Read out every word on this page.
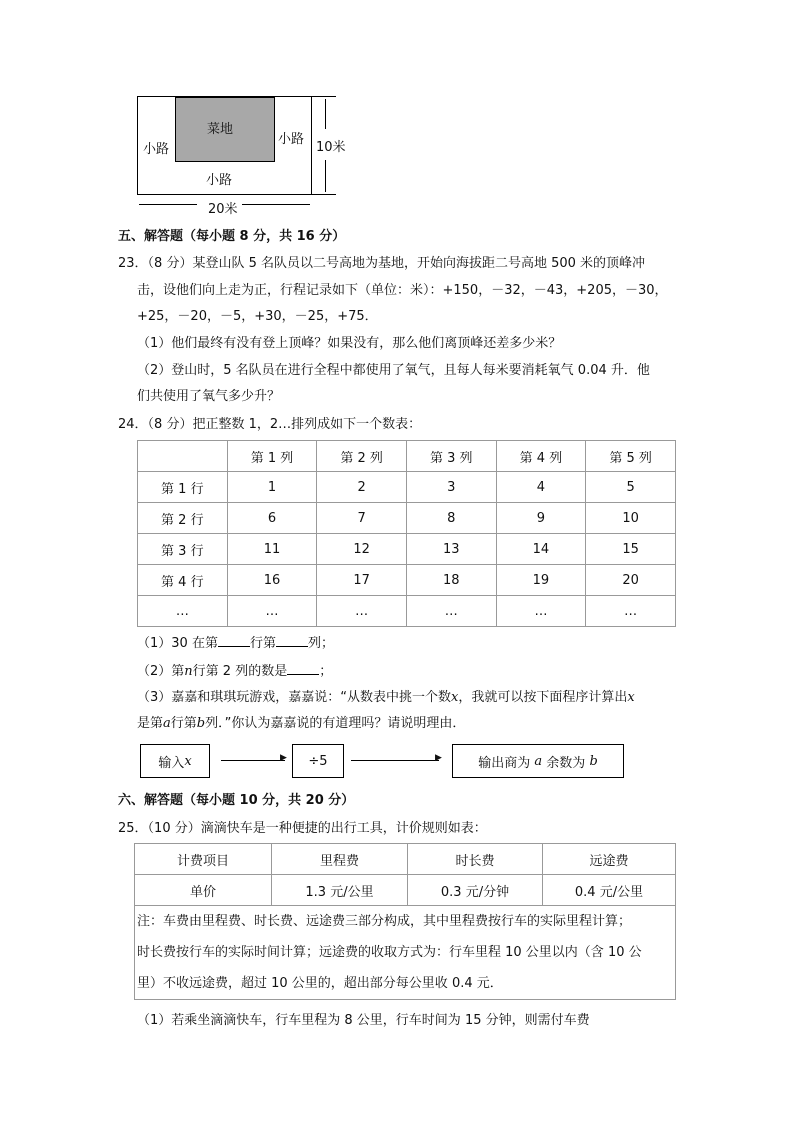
菜地
小路
小路
小路
10米
20米
五、解答题（每小题 8 分，共 16 分）
23．（8 分）某登山队 5 名队员以二号高地为基地，开始向海拔距二号高地 500 米的顶峰冲
击，设他们向上走为正，行程记录如下（单位：米）：+150，－32，－43，+205，－30，
+25，－20，－5，+30，－25，+75．
（1）他们最终有没有登上顶峰？如果没有，那么他们离顶峰还差多少米？
（2）登山时，5 名队员在进行全程中都使用了氧气，且每人每米要消耗氧气 0.04 升．他
们共使用了氧气多少升？
24．（8 分）把正整数 1，2…排列成如下一个数表：
	第 1 列	第 2 列	第 3 列	第 4 列	第 5 列
第 1 行	1	2	3	4	5
第 2 行	6	7	8	9	10
第 3 行	11	12	13	14	15
第 4 行	16	17	18	19	20
…	…	…	…	…	…
（1）30 在第 行第 列；
（2）第n行第 2 列的数是 ；
（3）嘉嘉和琪琪玩游戏，嘉嘉说：“从数表中挑一个数x，我就可以按下面程序计算出x
是第a行第b列．”你认为嘉嘉说的有道理吗？请说明理由．
输入 x	▶	÷5	▶	输出商为
a
余数为
b
六、解答题（每小题 10 分，共 20 分）
25．（10 分）滴滴快车是一种便捷的出行工具，计价规则如表：
计费项目	里程费	时长费	远途费
单价	1.3 元/公里	0.3 元/分钟	0.4 元/公里

注：车费由里程费、时长费、远途费三部分构成，其中里程费按行车的实际里程计算；
时长费按行车的实际时间计算；远途费的收取方式为：行车里程 10 公里以内（含 10 公
里）不收远途费，超过 10 公里的，超出部分每公里收 0.4 元．			
（1）若乘坐滴滴快车，行车里程为 8 公里，行车时间为 15 分钟，则需付车费
